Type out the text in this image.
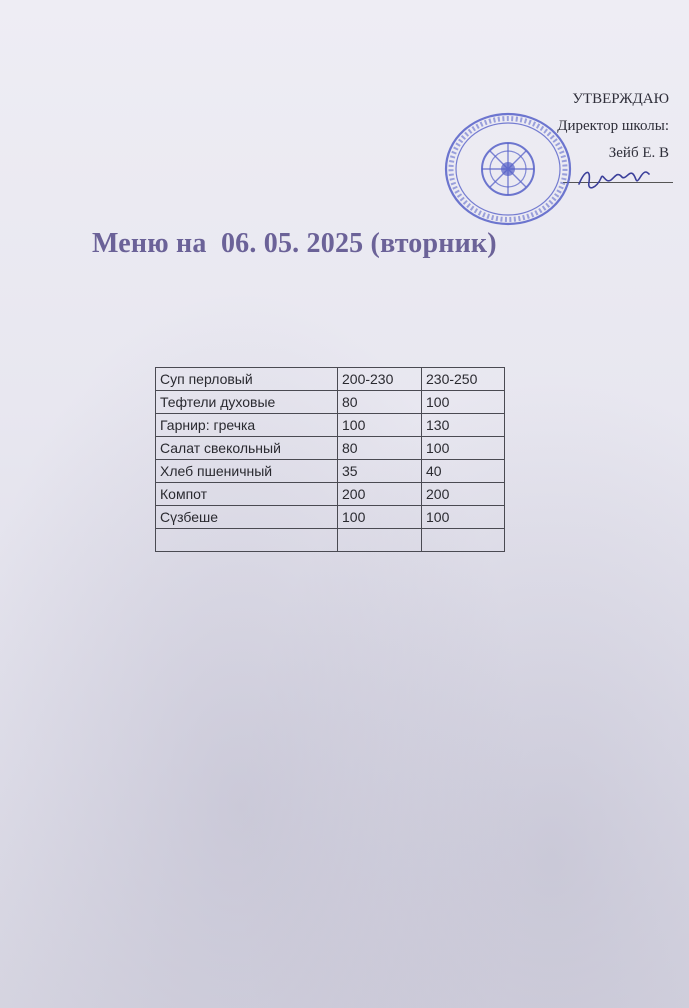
УТВЕРЖДАЮ
Директор школы:
Зейб Е. В
Меню на  06. 05. 2025 (вторник)
Суп перловый	200-230	230-250
Тефтели духовые	80	100
Гарнир: гречка	100	130
Салат свекольный	80	100
Хлеб пшеничный	35	40
Компот	200	200
Сүзбеше	100	100
